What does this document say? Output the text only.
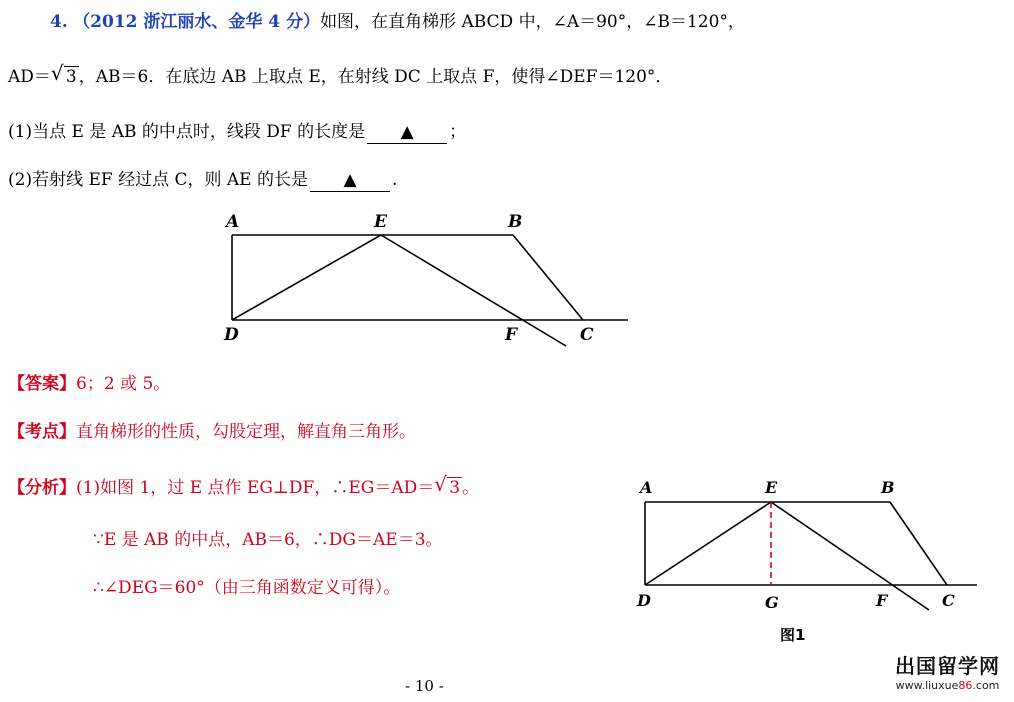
4. （2012 浙江丽水、金华 4 分）如图，在直角梯形 ABCD 中，∠A＝90°，∠B＝120°，
AD＝ √ 3 ，AB＝6．在底边 AB 上取点 E，在射线 DC 上取点 F，使得∠DEF＝120°．
(1)当点 E 是 AB 的中点时，线段 DF 的长度是 ▲ ；
(2)若射线 EF 经过点 C，则 AE 的长是 ▲ .
A	E	B
D	F	C
【答案】6；2 或 5。
【考点】直角梯形的性质，勾股定理，解直角三角形。
【分析】(1)如图 1，过 E 点作 EG⊥DF，∴EG＝AD＝ √ 3 。
∵E 是 AB 的中点，AB＝6，∴DG＝AE＝3。
∴∠DEG＝60°（由三角函数定义可得）。
A	E	B
D	G	F	C
图1
- 10 -
出国留学网
www.liuxue86.com
